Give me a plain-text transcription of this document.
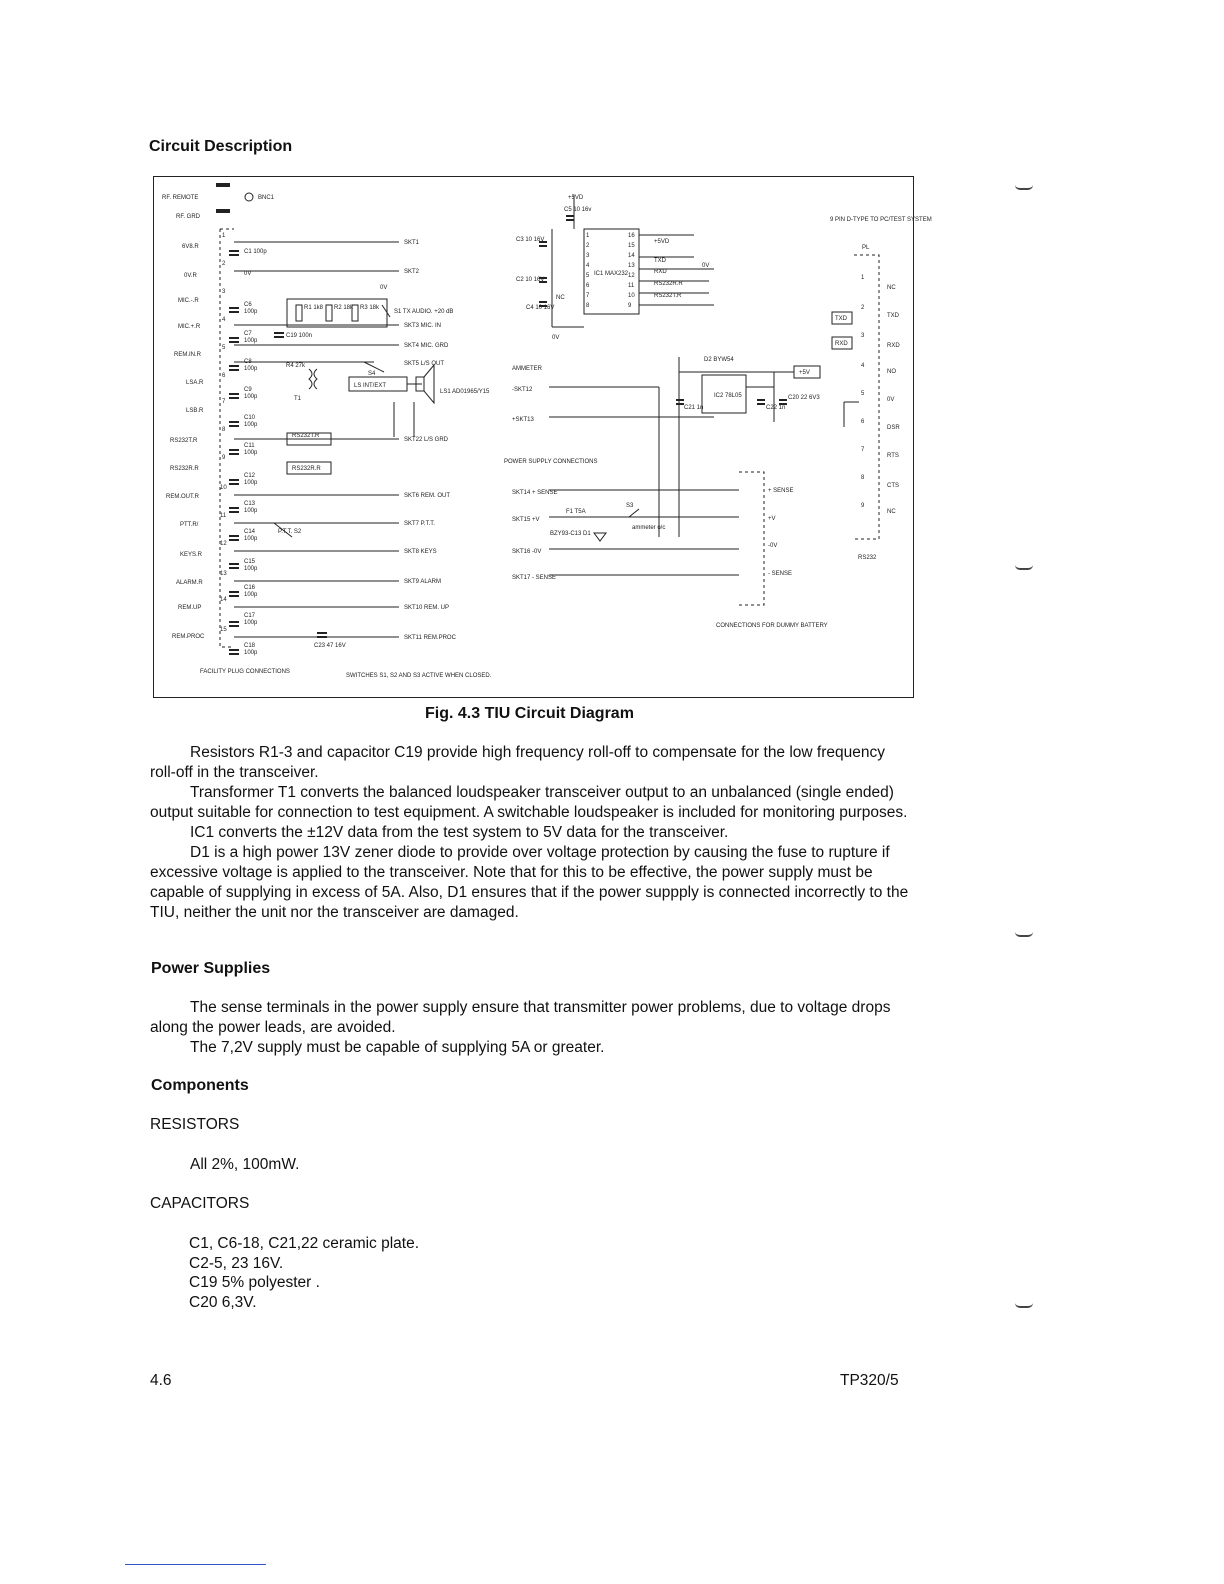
Circuit Description
RF. REMOTE
RF. GRD
6V8.R
0V.R
MIC.-.R
MIC.+.R
REM.IN.R
LSA.R
LSB.R
RS232T.R
RS232R.R
REM.OUT.R
PTT.R/
KEYS.R
ALARM.R
REM.UP
REM.PROC
1
2
3
4
5
6
7
8
9
10
11
12
13
14
15
BNC1
C1 100p
0V
0V
C6
100p
C7
100p
C8
100p
C9
100p
C10
100p
C11
100p
C12
100p
C13
100p
C14
100p
C15
100p
C16
100p
C17
100p
C18
100p
R1 1k8 R2 18k R3 18k
S1 TX AUDIO. +20 dB
C19 100n
R4 27k
S4
T1
LS INT/EXT
LS1 AD01965/Y15
RS232T.R
RS232R.R
P.T.T. S2
C23 47 16V
SKT1
SKT2
SKT3 MIC. IN
SKT4 MIC. GRD
SKT5 L/S OUT
SKT22 L/S GRD
SKT6 REM. OUT
SKT7 P.T.T.
SKT8 KEYS
SKT9 ALARM
SKT10 REM. UP
SKT11 REM.PROC
IC1 MAX232
1
2
3
4
5
6
7
8
16
15
14
13
12
11
10
9
+5VD
+5VD
TXD
RXD
RS232R.R
RS232T.R
C5 10 16v
C3 10 16V
C2 10 16V
C4 10 16V
NC
0V
0V
AMMETER
-SKT12
+SKT13
POWER SUPPLY CONNECTIONS
SKT14 + SENSE
SKT15 +V
SKT16 -0V
SKT17 - SENSE
F1 T5A
S3
ammeter o/c
BZY93-C13 D1
D2 BYW54
IC2 78L05
C21 1n	C22 1n
C20 22 6V3
+5V
+ SENSE
+V
-0V
- SENSE
CONNECTIONS FOR DUMMY BATTERY
9 PIN D-TYPE TO PC/TEST SYSTEM
PL
1
2
3
4
5
6
7
8
9
NC
TXD
RXD
NO
0V
DSR
RTS
CTS
NC
TXD
RXD
RS232
FACILITY PLUG CONNECTIONS
SWITCHES S1, S2 AND S3 ACTIVE WHEN CLOSED.
Fig. 4.3 TIU Circuit Diagram

Resistors R1-3 and capacitor C19 provide high frequency roll-off to compensate for the low frequency roll-off in the transceiver.

Transformer T1 converts the balanced loudspeaker transceiver output to an unbalanced (single ended) output suitable for connection to test equipment. A switchable loudspeaker is included for monitoring purposes.

IC1 converts the ±12V data from the test system to 5V data for the transceiver.

D1 is a high power 13V zener diode to provide over voltage protection by causing the fuse to rupture if excessive voltage is applied to the transceiver. Note that for this to be effective, the power supply must be capable of supplying in excess of 5A. Also, D1 ensures that if the power suppply is connected incorrectly to the TIU, neither the unit nor the transceiver are damaged.

Power Supplies

The sense terminals in the power supply ensure that transmitter power problems, due to voltage drops along the power leads, are avoided.

The 7,2V supply must be capable of supplying 5A or greater.

Components
RESISTORS
All 2%, 100mW.
CAPACITORS
C1, C6-18, C21,22 ceramic plate.
C2-5, 23 16V.
C19 5% polyester .
C20 6,3V.
4.6	TP320/5
